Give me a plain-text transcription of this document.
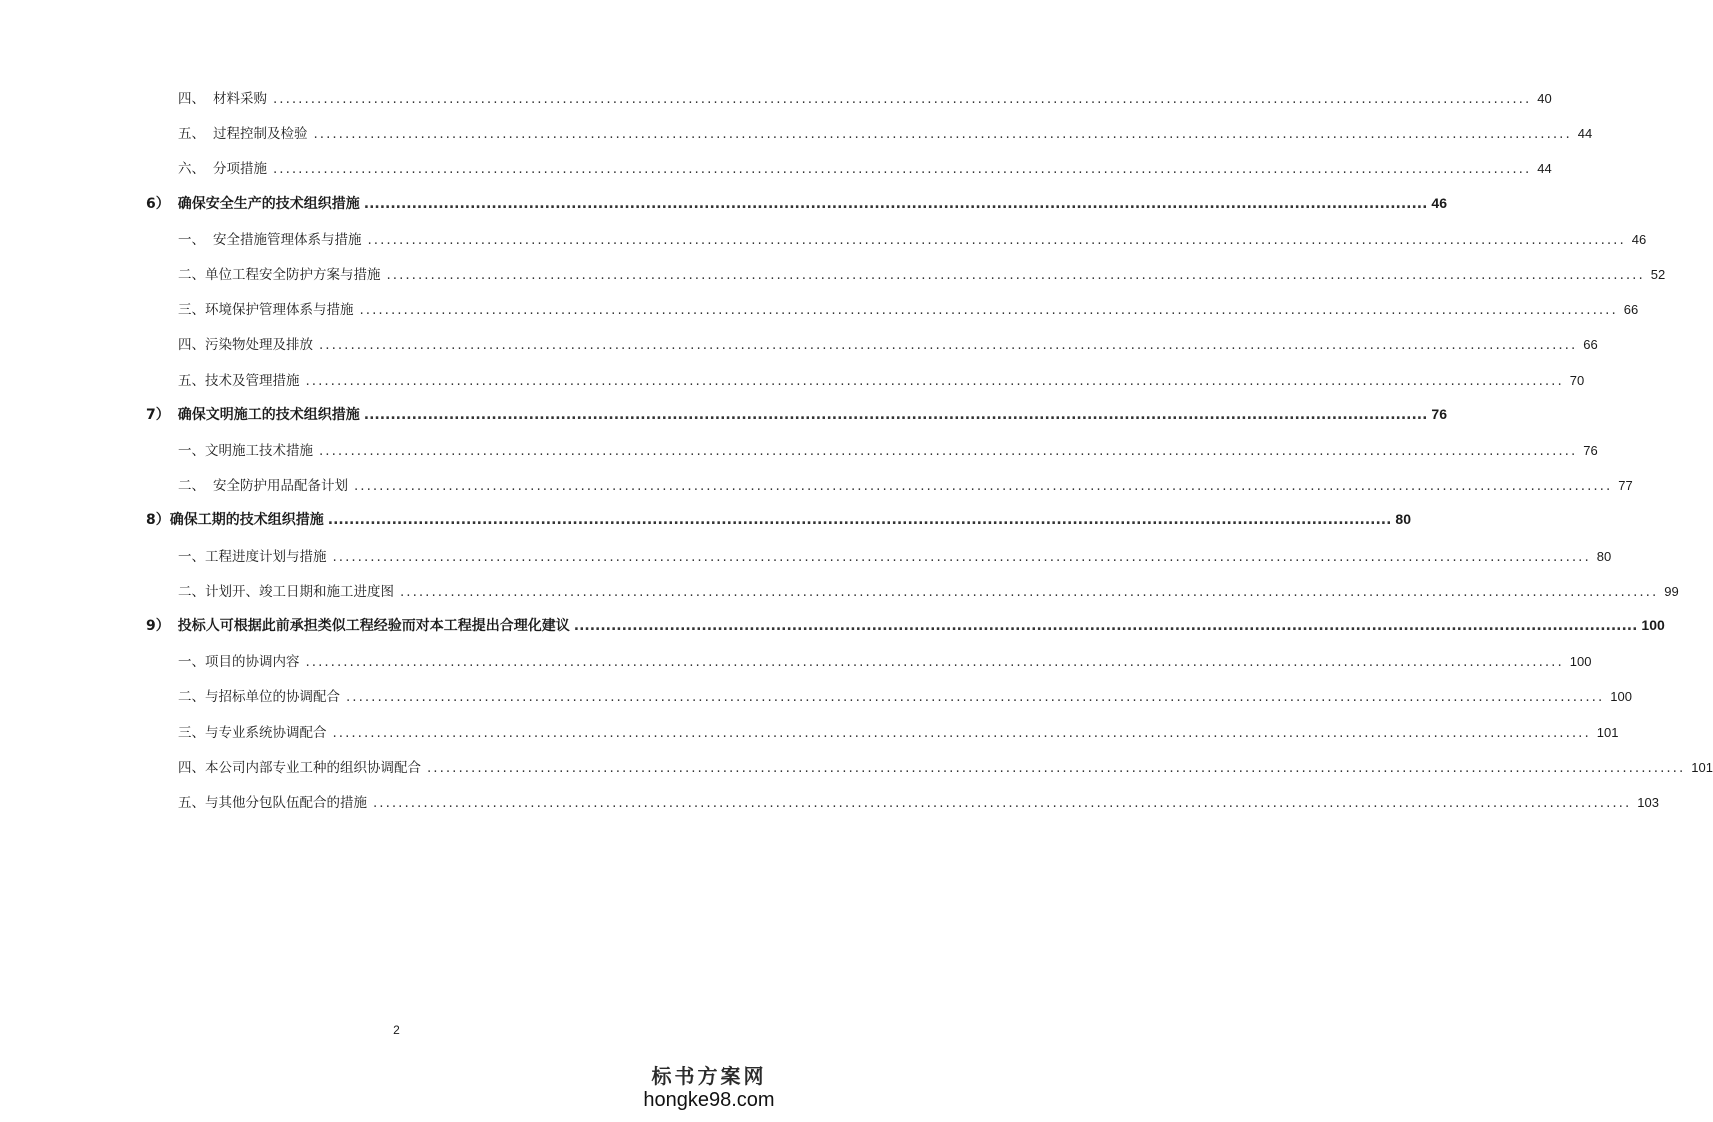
四、 材料采购 ........................................................................................................................................................................................................ 40
五、 过程控制及检验 ........................................................................................................................................................................................................ 44
六、 分项措施 ........................................................................................................................................................................................................ 44
6） 确保安全生产的技术组织措施 ........................................................................................................................................................................................................ 46
一、 安全措施管理体系与措施 ........................................................................................................................................................................................................ 46
二、 单位工程安全防护方案与措施 ........................................................................................................................................................................................................ 52
三、 环境保护管理体系与措施 ........................................................................................................................................................................................................ 66
四、 污染物处理及排放 ........................................................................................................................................................................................................ 66
五、 技术及管理措施 ........................................................................................................................................................................................................ 70
7） 确保文明施工的技术组织措施 ........................................................................................................................................................................................................ 76
一、 文明施工技术措施 ........................................................................................................................................................................................................ 76
二、 安全防护用品配备计划 ........................................................................................................................................................................................................ 77
8） 确保工期的技术组织措施 ........................................................................................................................................................................................................ 80
一、 工程进度计划与措施 ........................................................................................................................................................................................................ 80
二、 计划开、竣工日期和施工进度图 ........................................................................................................................................................................................................ 99
9） 投标人可根据此前承担类似工程经验而对本工程提出合理化建议 ........................................................................................................................................................................................................ 100
一、 项目的协调内容 ........................................................................................................................................................................................................ 100
二、 与招标单位的协调配合 ........................................................................................................................................................................................................ 100
三、 与专业系统协调配合 ........................................................................................................................................................................................................ 101
四、 本公司内部专业工种的组织协调配合 ........................................................................................................................................................................................................ 101
五、 与其他分包队伍配合的措施 ........................................................................................................................................................................................................ 103
2
标书方案网
hongke98.com
